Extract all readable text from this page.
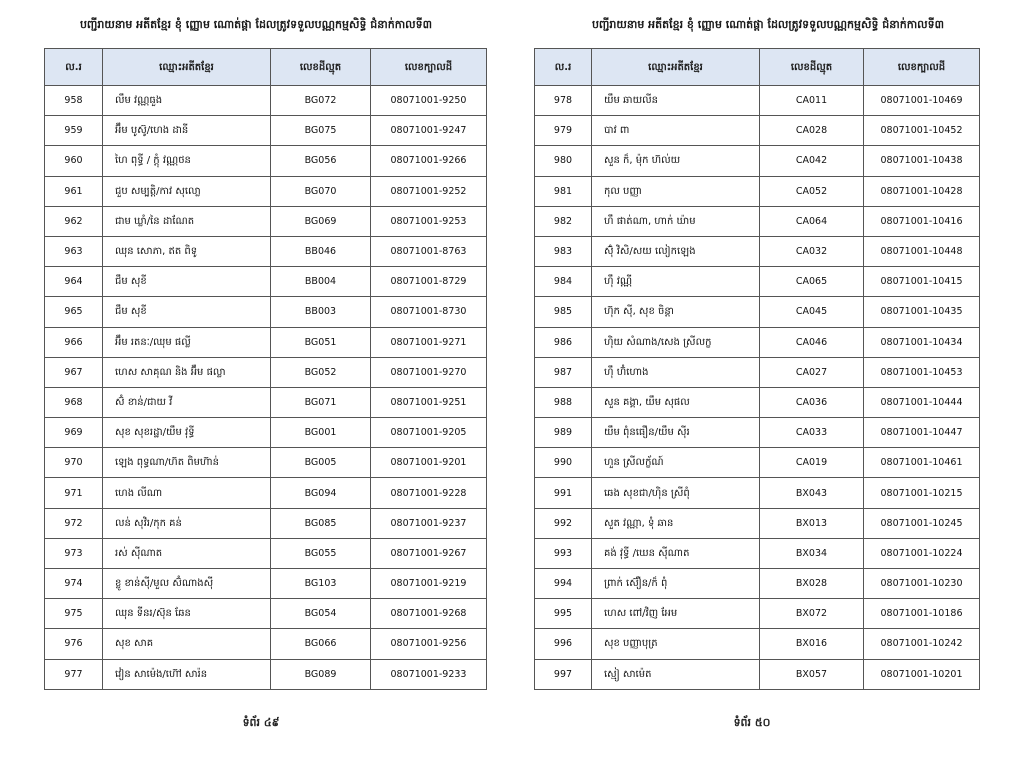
បញ្ជីរាយនាម អតីតខ្មែរ ខុំ ញ្ញោម ណោត់ផ្តា ដែលត្រូវទទួលបណ្ណកម្មសិទ្ធិ ជំនាក់កាលទី៣
ល.រ	ឈ្មោះអតីតខ្មែរ	លេខដីល្មុត	លេខក្បាលដី
958	លឹម វណ្ណធួង	BG072	08071001-9250
959	អ៊ឹម បូស៊ូ/ហេង ដានី	BG075	08071001-9247
960	ហៃ ពុទ្ធី / ក្ដុំ វណ្ណថន	BG056	08071001-9266
961	ជួប សម្បត្តិ/កាវ សុលោ្ល	BG070	08071001-9252
962	ជាម ឃ្លាំ/នៃ ដាណែត	BG069	08071001-9253
963	ឈុន សោភា, ឥត ពិទូ	BB046	08071001-8763
964	ជឹម សុខី	BB004	08071001-8729
965	ជឹម សុខី	BB003	08071001-8730
966	អ៊ឹម រតនៈ/ឈុម ផល្លី	BG051	08071001-9271
967	ហេស សាគុណ និង អ៊ឹម ផល្លា	BG052	08071001-9270
968	ស៊ំ ខាន់/ជាយ វី	BG071	08071001-9251
969	សុខ សុខរដ្ឋា/យឹម វុទ្ធី	BG001	08071001-9205
970	ឡេង ពុទ្ធណា/ហ៊ត ពិមហ៊ាន់	BG005	08071001-9201
971	ហេង លីណា	BG094	08071001-9228
972	លន់ សុវិរ/កុក គន់	BG085	08071001-9237
973	រស់ ស៊ីណាត	BG055	08071001-9267
974	ខ្លូ ខាន់ស៊ី/មួល ស៊ំណាងស៊ី	BG103	08071001-9219
975	ឈុន ទីនរ/ស៊ុន ឆែន	BG054	08071001-9268
976	សុខ សាគ	BG066	08071001-9256
977	វៀន សាម៉េង/ហ៊ៅ សារ៉ន	BG089	08071001-9233
ទំព័រ ៤៩
បញ្ជីរាយនាម អតីតខ្មែរ ខុំ ញ្ញោម ណោត់ផ្តា ដែលត្រូវទទួលបណ្ណកម្មសិទ្ធិ ជំនាក់កាលទី៣
ល.រ	ឈ្មោះអតីតខ្មែរ	លេខដីល្មុត	លេខក្បាលដី
978	យឹម ឆាយលីន	CA011	08071001-10469
979	បាវ ពា	CA028	08071001-10452
980	សួន ក៏, ម៉ុក ហ៊ល់យ	CA042	08071001-10438
981	កុល បញ្ញា	CA052	08071001-10428
982	ហឹ ផាត់ណា, ហាក់ ឃ៉ាម	CA064	08071001-10416
983	ស៊ុំ វិសិ/សយ លៀកឡេង	CA032	08071001-10448
984	ហ៊ឹ វណ្ណី	CA065	08071001-10415
985	ហ៊ុក ស៊ី, សុខ ចិន្តា	CA045	08071001-10435
986	ហ៊ិយ សំណាង/សេង ស្រីលក្ខ	CA046	08071001-10434
987	ហ៊ឹ ហ៊ំហោង	CA027	08071001-10453
988	សួន គង្គា, យឹម សុផល	CA036	08071001-10444
989	យឹម ពុំនធឿន/យឹម សុីរ	CA033	08071001-10447
990	ហួន ស្រីលក្ខ័ណ៍	CA019	08071001-10461
991	ឆេង សុខជា/ហ៊ិន ស្រីពុំ	BX043	08071001-10215
992	សួត វណ្ណា, ទុំ ឆាន	BX013	08071001-10245
993	គង់ វុទ្ធី /ឃេន ស៊ីណាត	BX034	08071001-10224
994	ព្រាក់ ស៊ឿន/ក៏ ពុំ	BX028	08071001-10230
995	ហេស ពៅ/វិញ អែម	BX072	08071001-10186
996	សុខ បញ្ញាបុត្រ	BX016	08071001-10242
997	ស្មៀ សាម៉េត	BX057	08071001-10201
ទំព័រ ៥០
